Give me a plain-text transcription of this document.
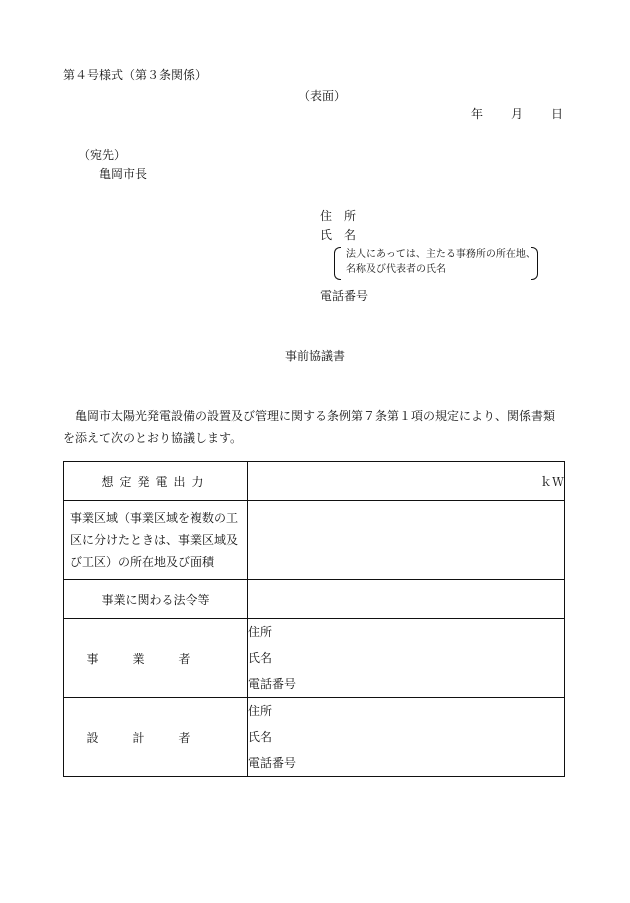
第４号様式（第３条関係）
（表面）
年 月 日
（宛先）
亀岡市長
住　所
氏　名
法人にあっては、主たる事務所の所在地、
名称及び代表者の氏名
電話番号
事前協議書
亀岡市太陽光発電設備の設置及び管理に関する条例第７条第１項の規定により、関係書類を添えて次のとおり協議します。
想定発電出力	ｋＷ

事業区域（事業区域を複数の工区に分けたときは、事業区域及び工区）の所在地及び面積	

事業に関わる法令等	
事業者	住所
氏名
電話番号

設計者	住所
氏名
電話番号
